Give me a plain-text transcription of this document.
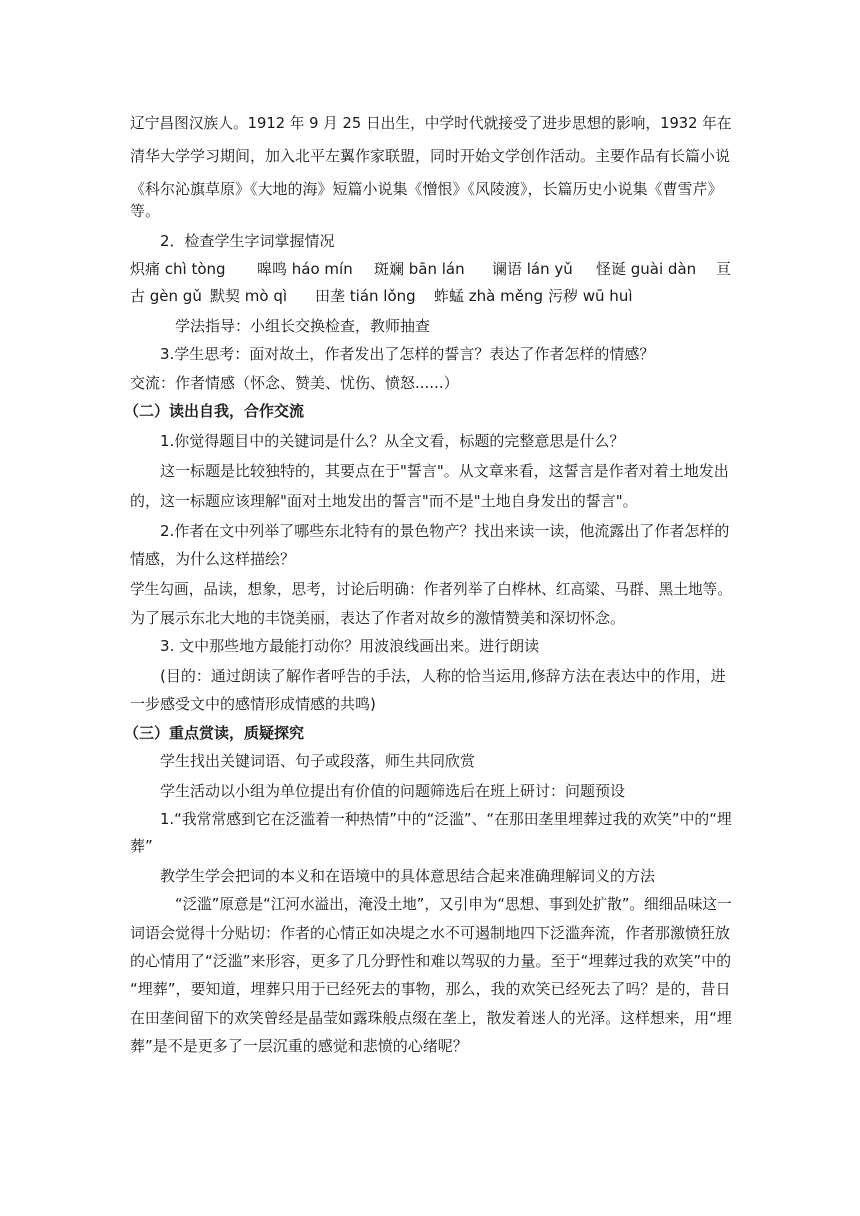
辽宁昌图汉族人。1912 年 9 月 25 日出生，中学时代就接受了进步思想的影响，1932 年在
清华大学学习期间，加入北平左翼作家联盟，同时开始文学创作活动。主要作品有长篇小说
《科尔沁旗草原》《大地的海》短篇小说集《憎恨》《风陵渡》，长篇历史小说集《曹雪芹》
等。
2．检查学生字词掌握情况
炽痛 chì tòng 嗥鸣 háo mín 斑斓 bān lán 谰语 lán yǔ 怪诞 guài dàn 亘
古 gèn gǔ 默契 mò qì 田垄 tián lǒng 蚱蜢 zhà měng 污秽 wū huì
学法指导：小组长交换检查，教师抽查
3.学生思考：面对故土，作者发出了怎样的誓言？表达了作者怎样的情感？
交流：作者情感（怀念、赞美、忧伤、愤怒......）
（二）读出自我，合作交流
1.你觉得题目中的关键词是什么？从全文看，标题的完整意思是什么？
这一标题是比较独特的，其要点在于"誓言"。从文章来看，这誓言是作者对着土地发出
的，这一标题应该理解"面对土地发出的誓言"而不是"土地自身发出的誓言"。
2.作者在文中列举了哪些东北特有的景色物产？找出来读一读，他流露出了作者怎样的
情感，为什么这样描绘？
学生勾画，品读，想象，思考，讨论后明确：作者列举了白桦林、红高粱、马群、黑土地等。
为了展示东北大地的丰饶美丽，表达了作者对故乡的激情赞美和深切怀念。
3. 文中那些地方最能打动你？用波浪线画出来。进行朗读
(目的：通过朗读了解作者呼告的手法，人称的恰当运用,修辞方法在表达中的作用，进
一步感受文中的感情形成情感的共鸣)
（三）重点赏读，质疑探究
学生找出关键词语、句子或段落，师生共同欣赏
学生活动以小组为单位提出有价值的问题筛选后在班上研讨：问题预设
1.“我常常感到它在泛滥着一种热情”中的“泛滥”、“在那田垄里埋葬过我的欢笑”中的“埋
葬”
教学生学会把词的本义和在语境中的具体意思结合起来准确理解词义的方法
“泛滥”原意是“江河水溢出，淹没土地”，又引申为“思想、事到处扩散”。细细品味这一
词语会觉得十分贴切：作者的心情正如决堤之水不可遏制地四下泛滥奔流，作者那激愤狂放
的心情用了“泛滥”来形容，更多了几分野性和难以驾驭的力量。至于“埋葬过我的欢笑”中的
“埋葬”，要知道，埋葬只用于已经死去的事物，那么，我的欢笑已经死去了吗？是的，昔日
在田垄间留下的欢笑曾经是晶莹如露珠般点缀在垄上，散发着迷人的光泽。这样想来，用“埋
葬”是不是更多了一层沉重的感觉和悲愤的心绪呢？
